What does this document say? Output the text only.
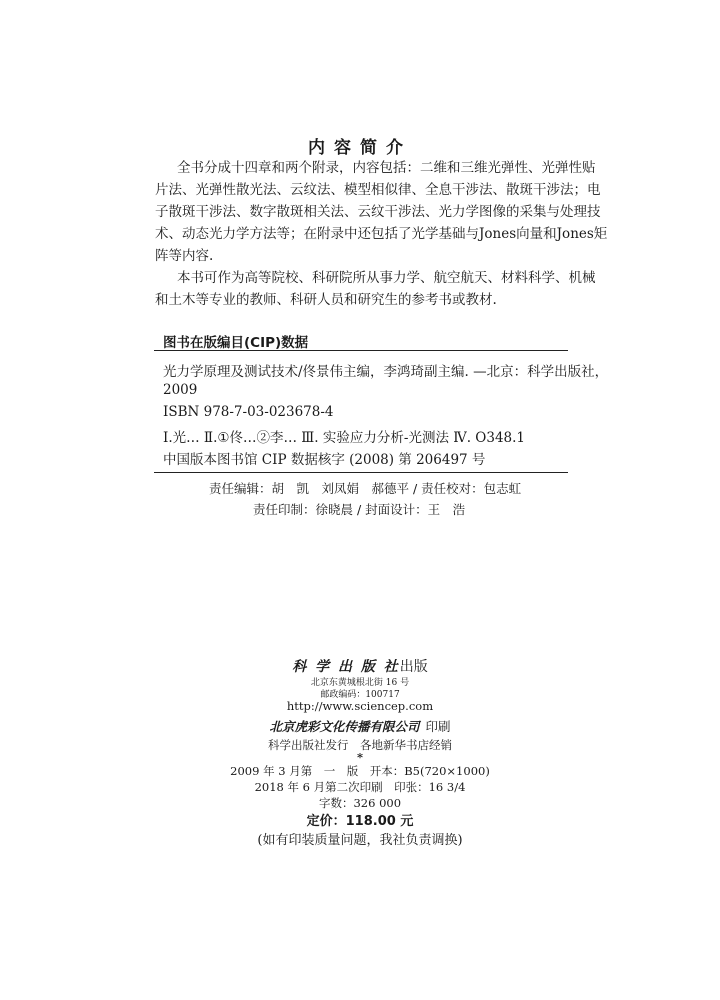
内容简介
全书分成十四章和两个附录，内容包括：二维和三维光弹性、光弹性贴
片法、光弹性散光法、云纹法、模型相似律、全息干涉法、散斑干涉法；电
子散斑干涉法、数字散斑相关法、云纹干涉法、光力学图像的采集与处理技
术、动态光力学方法等；在附录中还包括了光学基础与Jones向量和Jones矩
阵等内容.
本书可作为高等院校、科研院所从事力学、航空航天、材料科学、机械
和土木等专业的教师、科研人员和研究生的参考书或教材.
图书在版编目(CIP)数据
光力学原理及测试技术/佟景伟主编，李鸿琦副主编. —北京：科学出版社，
2009
ISBN 978-7-03-023678-4
Ⅰ.光… Ⅱ.①佟…②李… Ⅲ. 实验应力分析-光测法 Ⅳ. O348.1
中国版本图书馆 CIP 数据核字 (2008) 第 206497 号
责任编辑：胡　凯　刘凤娟　郝德平 / 责任校对：包志虹
责任印制：徐晓晨 / 封面设计：王　浩
科 学 出 版 社出版
北京东黄城根北街 16 号
邮政编码：100717
http://www.sciencep.com
北京虎彩文化传播有限公司 印刷
科学出版社发行　各地新华书店经销
*
2009 年 3 月第　一　版　开本：B5(720×1000)
2018 年 6 月第二次印刷　印张：16 3/4
字数：326 000
定价：118.00 元
(如有印装质量问题，我社负责调换)
